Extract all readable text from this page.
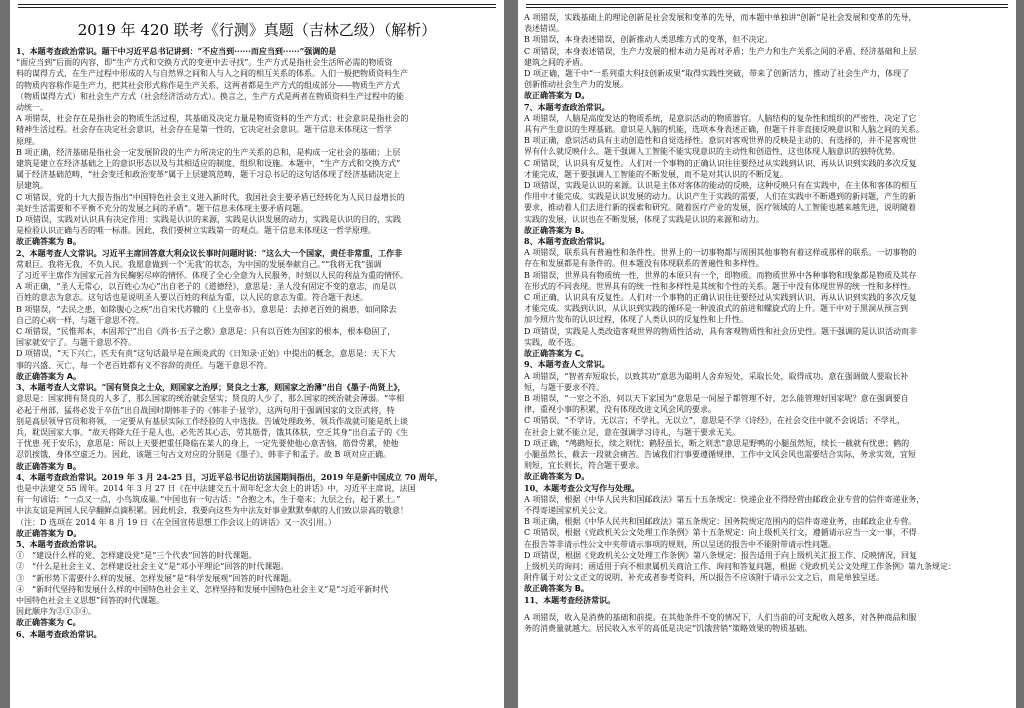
2019 年 420 联考《行测》真题（吉林乙级）（解析）
1、本题考查政治常识。题干中习近平总书记讲到：“不应当到······而应当到······”强调的是
“面应当到”后面的内容，即“生产方式和交换方式的变更中去寻找”。生产方式是指社会生活所必需的物质资
料的谋得方式，在生产过程中形成的人与自然界之间和人与人之间的相互关系的体系。人们一般把物质资料生产
的物质内容称作是生产力，把其社会形式称作是生产关系，这两者都是生产方式的组成部分——物质生产方式
（物质谋得方式）和社会生产方式（社会经济活动方式）。换言之，生产方式是两者在物质资料生产过程中的能
动统一。
A 项错误，社会存在是指社会的物质生活过程，其基础及决定力量是物质资料的生产方式；社会意识是指社会的
精神生活过程。社会存在决定社会意识，社会存在是第一性的，它决定社会意识。题干信息未体现这一哲学
原理。
B 项正确，经济基础是指社会一定发展阶段的生产力所决定的生产关系的总和，是构成一定社会的基础；上层
建筑是建立在经济基础之上的意识形态以及与其相适应的制度、组织和设施。本题中，“生产方式和交换方式”
属于经济基础范畴，“社会变迁和政治变革”属于上层建筑范畴，题干习总书记的这句话体现了经济基础决定上
层建筑。
C 项错误，党的十九大报告指出“中国特色社会主义进入新时代，我国社会主要矛盾已经转化为人民日益增长的
美好生活需要和不平衡不充分的发展之间的矛盾”。题干信息未体现主要矛盾问题。
D 项错误，实践对认识具有决定作用：实践是认识的来源，实践是认识发展的动力，实践是认识的目的，实践
是检验认识正确与否的唯一标准。因此，我们要树立实践第一的观点。题干信息未体现这一哲学原理。
故正确答案为 B。
2、本题考查人文常识。习近平主席回答意大利众议长事时问题时说：“这么大一个国家，责任非常重，工作非
常艰巨。我将无我，不负人民。我愿意做到一个‘无我’的状态，为中国的发展奉献自己。”“我将无我”强调
了习近平主席作为国家元首为民鞠躬尽瘁的情怀。体现了全心全意为人民服务，时刻以人民的利益为重的情怀。
A 项正确，“圣人无常心，以百姓心为心”出自老子的《道德经》，意思是：圣人没有固定不变的意志，而是以
百姓的意志为意志。这句话也是说明圣人要以百姓的利益为重，以人民的意志为重。符合题干表述。
B 项错误，“去民之患，如除腹心之疾”出自宋代苏辙的《上皇帝书》，意思是：去掉老百姓的祸患，如同除去
自己的心病一样，与题干意思不符。
C 项错误，“民惟邦本，本固邦宁”出自《尚书·五子之歌》意思是：只有以百姓为国家的根本，根本稳固了，
国家就安宁了。与题干意思不符。
D 项错误，“天下兴亡，匹夫有责”这句话最早是在顾炎武的《日知录·正始》中提出的概念，意思是：天下大
事的兴盛、灭亡，每一个老百姓都有义不容辞的责任。与题干意思不符。
故正确答案为 A。
3、本题考查人文常识。“国有贤良之士众，则国家之治厚；贤良之士寡，则国家之治薄”出自《墨子·尚贤上》，
意思是：国家拥有贤良的人多了，那么国家的统治就会坚实；贤良的人少了，那么国家的统治就会薄弱。“宰相
必起于州部，猛将必发于卒伍”出自战国时期韩非子的《韩非子·显学》，这两句用于强调国家的文臣武将，特
别是高层领导官员和将领，一定要从有基层实际工作经验的人中选拔。告诫处理政务、领兵作战就可能是纸上谈
兵，耽误国家大事。“故天将降大任于是人也，必先苦其心志，劳其筋骨，饿其体肤，空乏其身”出自孟子的《生
于忧患 死于安乐》，意思是：所以上天要把重任降临在某人的身上，一定先要使他心意苦恼，筋骨劳累，使他
忍饥挨饿，身体空虚乏力。因此，该题三句古文对应的分别是《墨子》、韩非子和孟子。故 B 项对应正确。
故正确答案为 B。
4、本题考查政治常识。2019 年 3 月 24-25 日，习近平总书记出访法国期间指出，2019 年是新中国成立 70 周年，
也是中法建交 55 周年。2014 年 3 月 27 日《在中法建交五十周年纪念大会上的讲话》中，习近平主席说，法国
有一句谚语：“一点又一点，小鸟筑成巢。”中国也有一句古话：“合抱之木，生于毫末；九层之台，起于累土。”
中法友谊是两国人民孕翻鲜点滴积累。因此机会，我要向这些为中法友好事业默默奉献的人们致以崇高的敬意！
（注：D 选项在 2014 年 8 月 19 日《在全国宣传思想工作会议上的讲话》又一次引用。）
故正确答案为 D。
5、本题考查政治常识。
①　“建设什么样的党、怎样建设党”是“三个代表”回答的时代课题。
②　“什么是社会主义、怎样建设社会主义”是“邓小平理论”回答的时代课题。
③　“新形势下需要什么样的发展、怎样发展”是“科学发展观”回答的时代课题。
④　“新时代坚持和发展什么样的中国特色社会主义、怎样坚持和发展中国特色社会主义”是“习近平新时代
中国特色社会主义思想”回答的时代课题。
因此顺序为②①③④。
故正确答案为 C。
6、本题考查政治常识。
A 项错误，实践基础上的理论创新是社会发展和变革的先导，而本题中单独讲“创新”是社会发展和变革的先导，
表述错误。
B 项错误，本身表述错误，创新推动人类思维方式的变革，但不决定。
C 项错误，本身表述错误，生产力发展的根本动力是再对矛盾：生产力和生产关系之间的矛盾、经济基础和上层
建筑之间的矛盾。
D 项正确，题干中“一系列重大科技创新成果”取得实践性突破，带来了创新活力，推动了社会生产力，体现了
创新推动社会生产力的发展。
故正确答案为 D。
7、本题考查政治常识。
A 项错误，人脑是高度发达的物质系统，是意识活动的物质器官。人脑结构的复杂性和组织的严密性，决定了它
具有产生意识的生理基础。意识是人脑的机能，选项本身表述正确，但题干并非直接反映意识和人脑之间的关系。
B 项正确，意识活动具有主动创造性和自觉选择性。意识对客观世界的反映是主动的、有选择的，并不是客观世
界有什么就反映什么。题干强调人工智能不能实现意识的主动性和创造性，这也体现人脑意识的独特优势。
C 项错误，认识具有反复性。人们对一个事物的正确认识往往要经过从实践到认识、再从认识到实践的多次反复
才能完成，题干要强调人工智能的不断发展，而不是对其认识的不断反复。
D 项错误，实践是认识的来源。认识是主体对客体的能动的反映，这种反映只有在实践中，在主体和客体的相互
作用中才能完成。实践是认识发展的动力。认识产生于实践的需要，人们在实践中不断遇到的新问题，产生的新
要求，推动着人们去进行新的探索和研究。随着医疗产业的发展，医疗领域的人工智能也越来越先进，说明随着
实践的发展，认识也在不断发展，体现了实践是认识的来源和动力。
故正确答案为 B。
8、本题考查政治常识。
A 项错误，联系具有普遍性和条件性。世界上的一切事物都与周围其他事物有着这样或那样的联系。一切事物的
存在和发展都是有条件的。但本题没有体现联系的普遍性和多样性。
B 项错误，世界具有物质统一性，世界的本原只有一个，即物质。而物质世界中各种事物和现象都是物质及其存
在形式的不同表现。世界具有的统一性和多样性是其统和个性的关系。题干中没有体现世界的统一性和多样性。
C 项正确，认识具有反复性。人们对一个事物的正确认识往往要经过从实践到认识、再从认识到实践的多次反复
才能完成。实践到认识，从认识到实践的循环是一种波浪式的前进和螺旋式的上升。题干中对于黑洞从预言到
加今照片发布的认识过程，体现了人类认识的反复性和上升性。
D 项错误，实践是人类改造客观世界的物质性活动，具有客观物质性和社会历史性。题干强调的是认识活动而非
实践，故不选。
故正确答案为 C。
9、本题考查人文常识。
A 项错误，“智者弃短取长，以致其功”意思为聪明人舍弃短处，采取长处，取得成功。意在强调做人要取长补
短，与题干要求不符。
B 项错误，“一室之不治，何以天下家国为”意思是一间屋子都管理不好，怎么能管理好国家呢？意在强调要自
律，重视小事的积累，没有体现改进文风会风的要求。
C 项错误，“不学诗，无以言；不学礼，无以立”，意思是不学《诗经》，在社会交往中就不会说话；不学礼，
在社会上就不能立足，意在强调学习诗礼，与题干要求无关。
D 项正确，“鸬鹚短长，续之则忧；鹤胫虽长，断之则悲”意思是野鸭的小腿虽然短，续长一截就有忧患；鹤的
小腿虽然长，截去一段就会痛苦。告诫我们行事要遵循规律，工作中文风会风也需要结合实际，务求实效，宜短
则短，宜长则长，符合题干要求。
故正确答案为 D。
10、本题考查公文写作与处理。
A 项错误，根据《中华人民共和国邮政法》第五十五条规定：快递企业不得经营由邮政企业专营的信件寄递业务，
不得寄递国家机关公文。
B 项正确，根据《中华人民共和国邮政法》第五条规定：国务院规定范围内的信件寄递业务，由邮政企业专营。
C 项错误，根据《党政机关公文处理工作条例》第十五条规定：向上级机关行文，遵循请示应当一文一事，不得
在报告等非请示性公文中夹带请示事项的规则，所以呈送的报告中不能附带请示性问题。
D 项错误，根据《党政机关公文处理工作条例》第八条规定：报告适用于向上级机关汇报工作、反映情况，回复
上级机关的询问；函适用于向不相隶属机关商洽工作、询问和答复问题，根据《党政机关公文处理工作条例》第九条规定：
附件属于对公文正文的说明、补充或者参考资料，所以报告不应该附于请示公文之后，而是单独呈送。
故正确答案为 B。
11、本题考查经济常识。
A 项错误，收入是消费的基础和前提。在其他条件不变的情况下，人们当前的可支配收入越多，对各种商品和服
务的消费量就越大。居民收入水平的高低是决定“饥饿营销”策略效果的物质基础。
